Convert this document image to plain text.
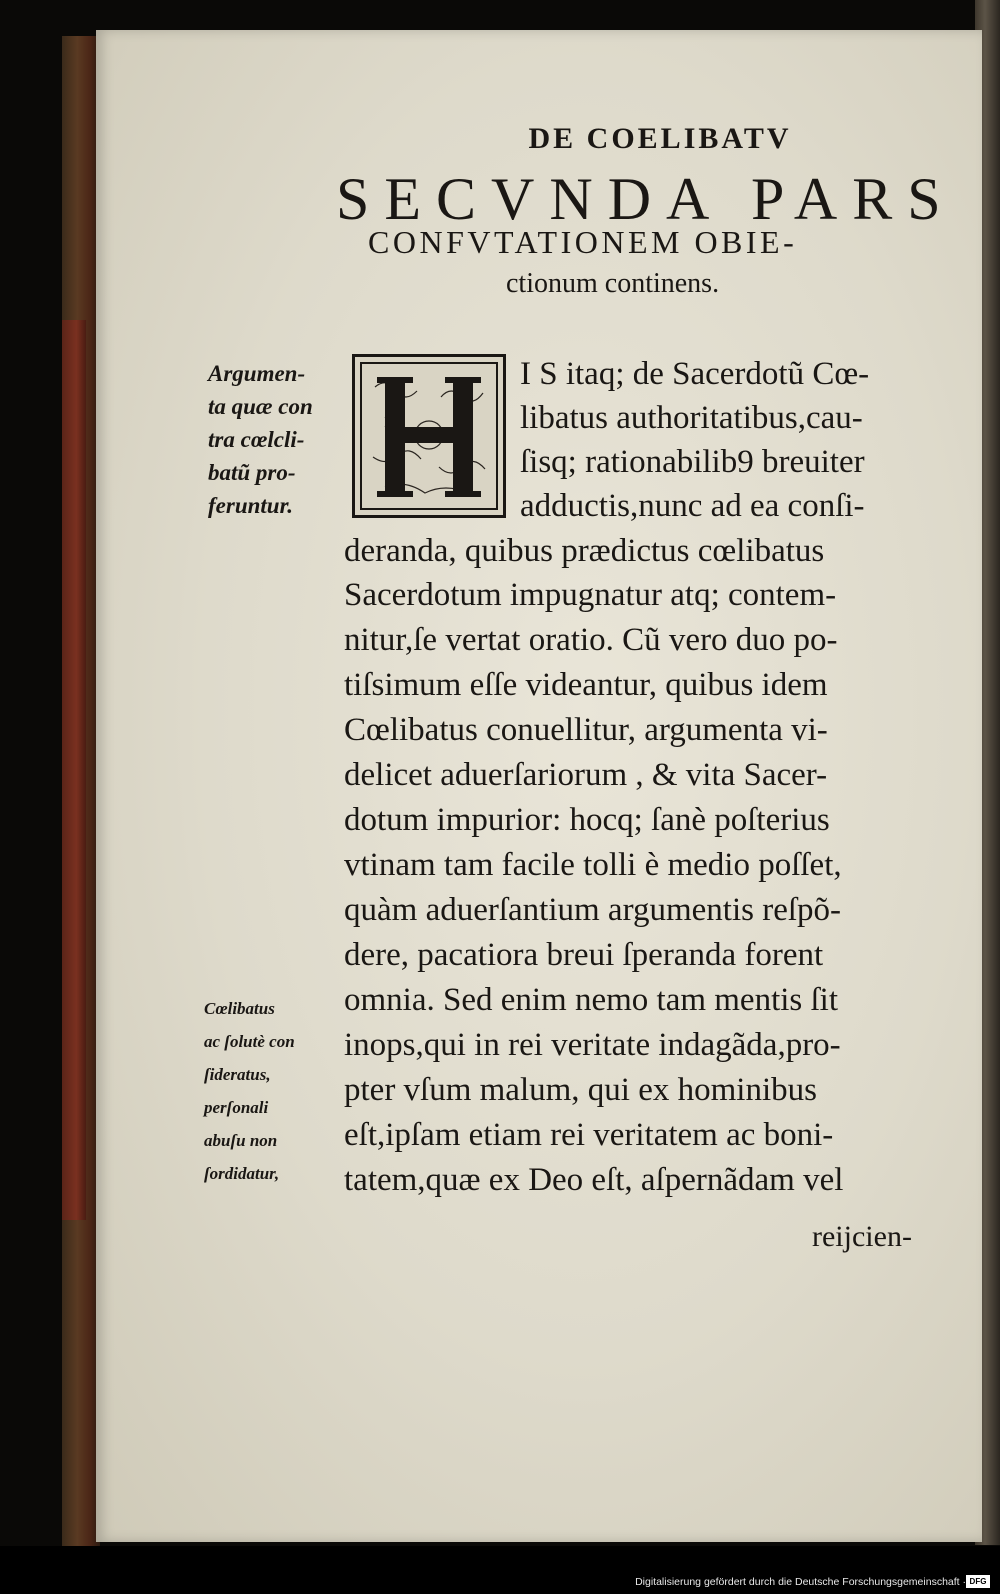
DE COELIBATV
SECVNDA PARS
CONFVTATIONEM OBIE-
ctionum continens.
H
Argumen-
ta quæ con
tra cœlcli-
batũ pro-
feruntur.
Cœlibatus
ac ſolutè con
ſideratus,
perſonali
abuſu non
ſordidatur,
I S itaq; de Sacerdotũ Cœ-
libatus authoritatibus,cau-
ſisq; rationabilib9 breuiter
adductis,nunc ad ea conſi-
deranda, quibus prædictus cœlibatus
Sacerdotum impugnatur atq; contem-
nitur,ſe vertat oratio. Cũ vero duo po-
tiſsimum eſſe videantur, quibus idem
Cœlibatus conuellitur, argumenta vi-
delicet aduerſariorum , & vita Sacer-
dotum impurior: hocq; ſanè poſterius
vtinam tam facile tolli è medio poſſet,
quàm aduerſantium argumentis reſpõ-
dere, pacatiora breui ſperanda forent
omnia. Sed enim nemo tam mentis ſit
inops,qui in rei veritate indagãda,pro-
pter vſum malum, qui ex hominibus
eſt,ipſam etiam rei veritatem ac boni-
tatem,quæ ex Deo eſt, aſpernãdam vel
reijcien-
Digitalisierung gefördert durch die Deutsche Forschungsgemeinschaft · DFG
